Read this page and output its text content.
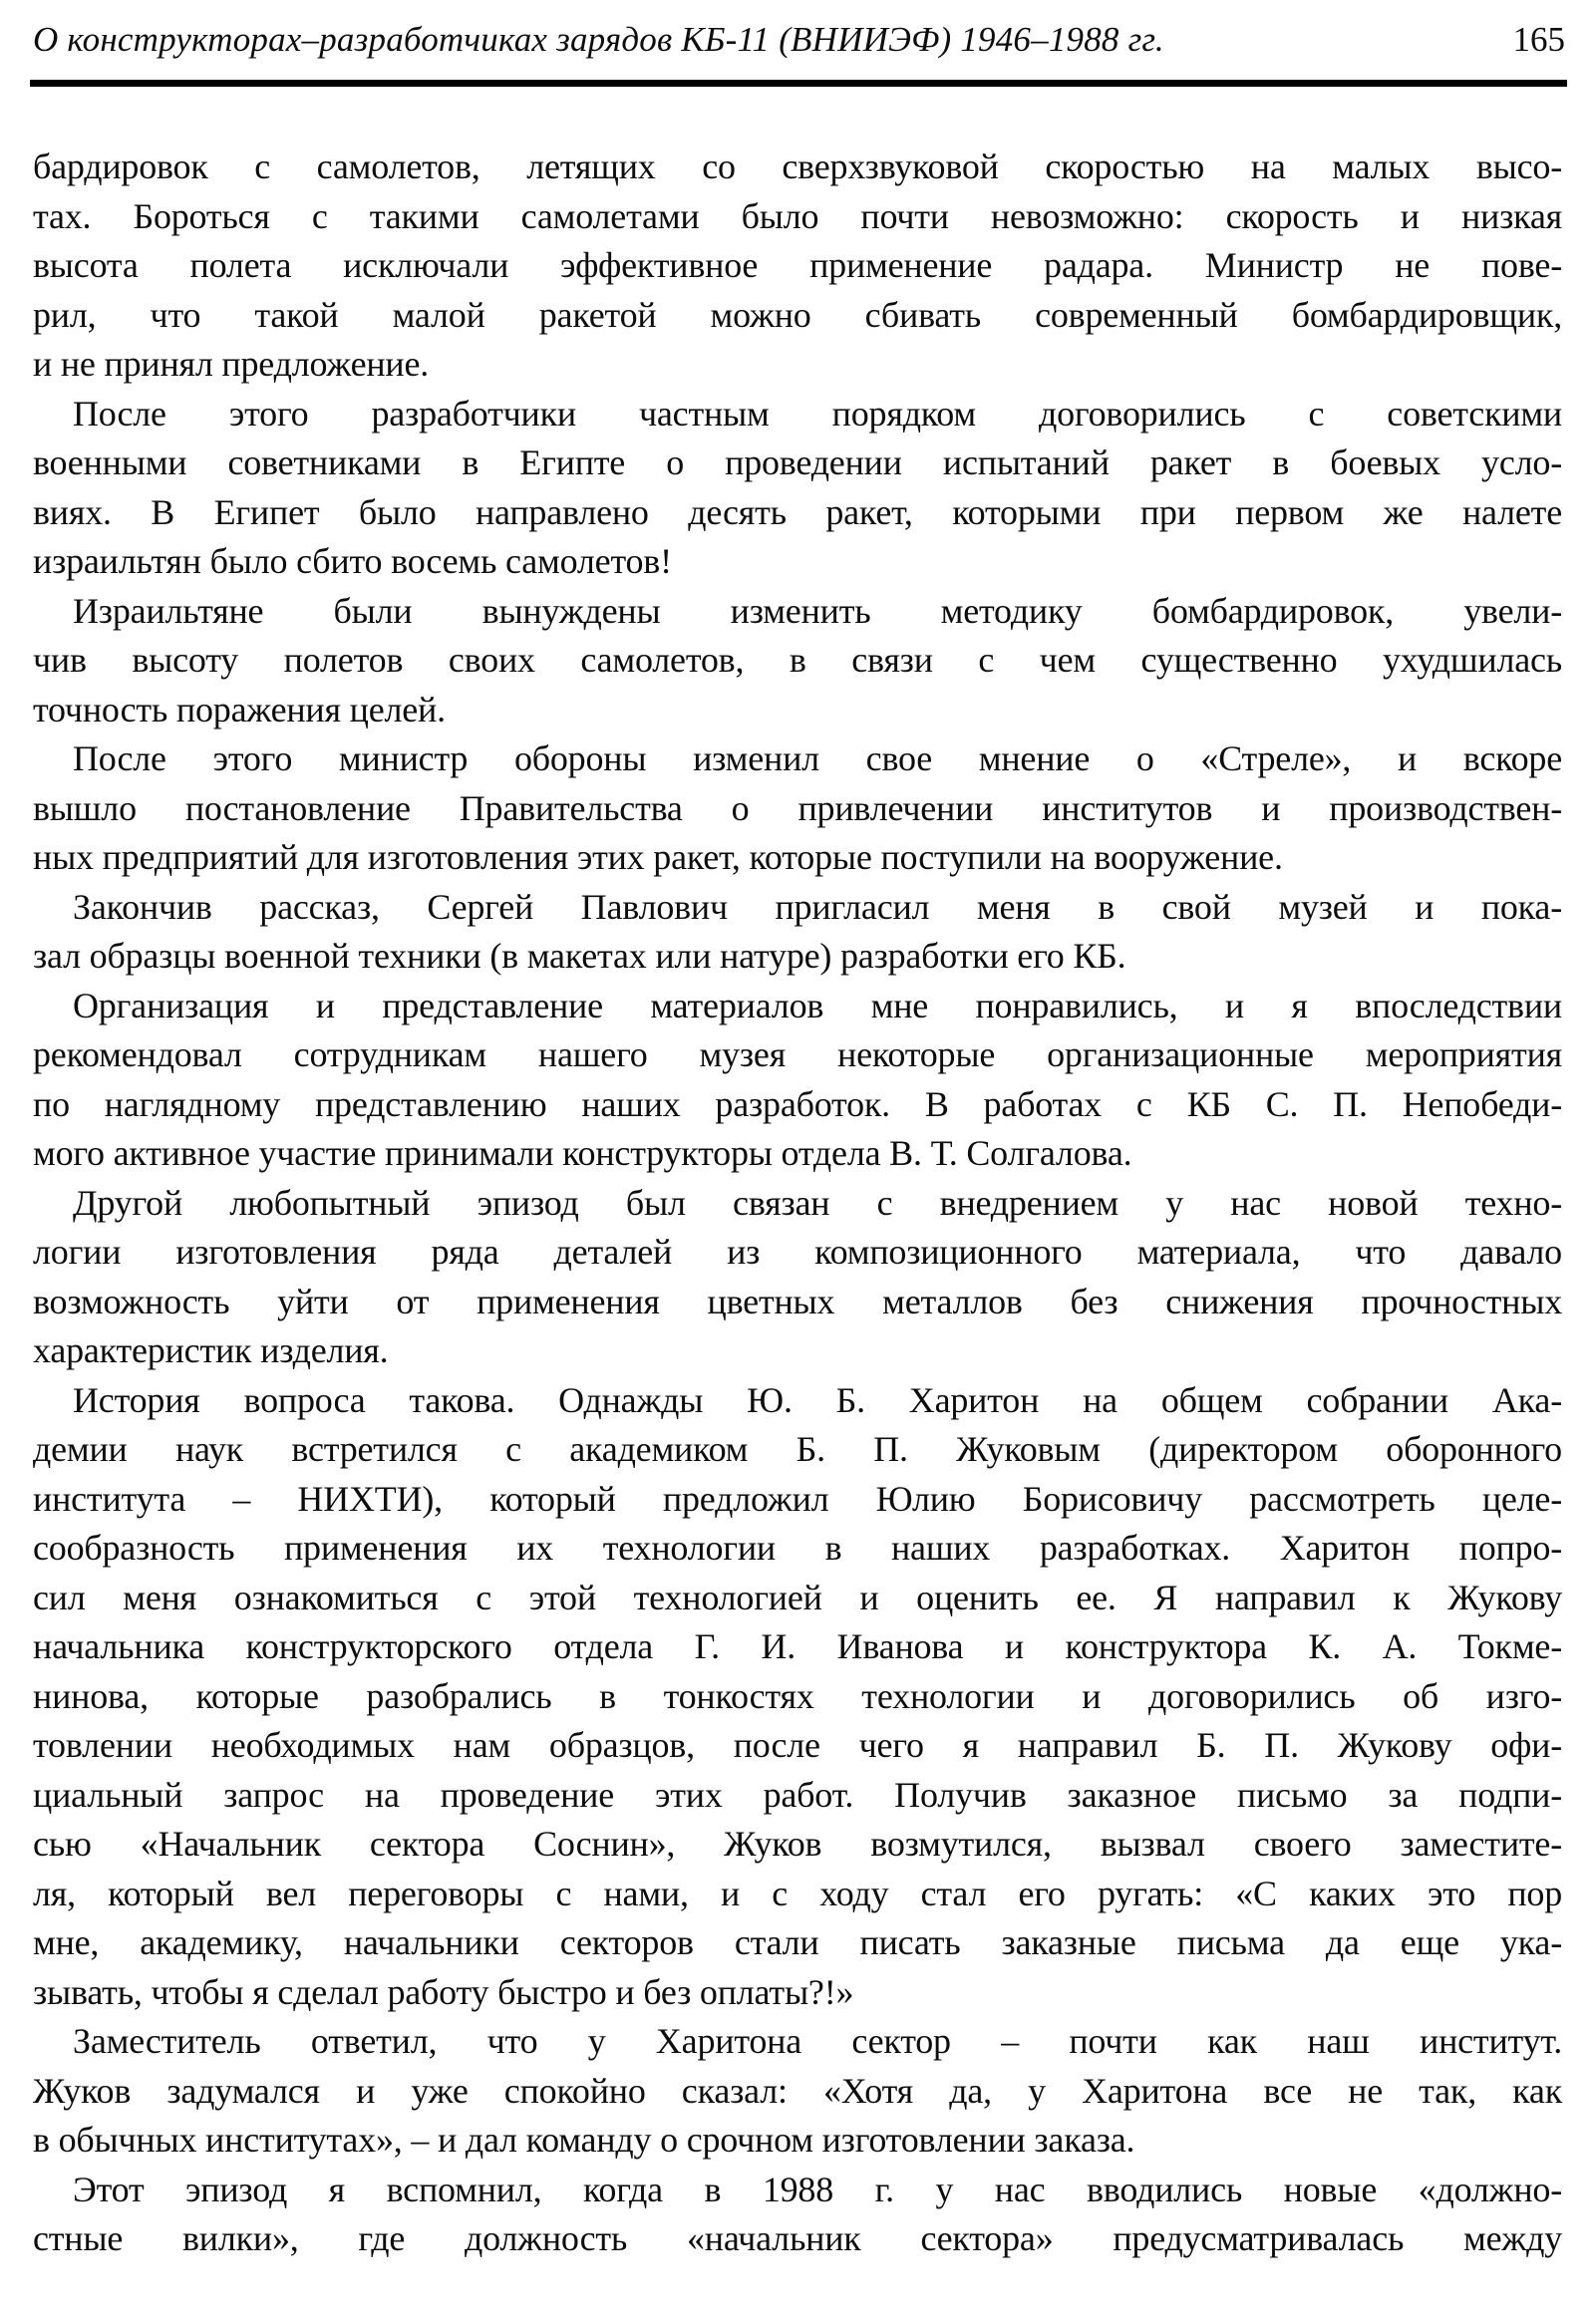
О конструкторах–разработчиках зарядов КБ-11 (ВНИИЭФ) 1946–1988 гг.	165
бардировок с самолетов, летящих со сверхзвуковой скоростью на малых высо-
тах. Бороться с такими самолетами было почти невозможно: скорость и низкая
высота полета исключали эффективное применение радара. Министр не пове-
рил, что такой малой ракетой можно сбивать современный бомбардировщик,
и не принял предложение.
После этого разработчики частным порядком договорились с советскими
военными советниками в Египте о проведении испытаний ракет в боевых усло-
виях. В Египет было направлено десять ракет, которыми при первом же налете
израильтян было сбито восемь самолетов!
Израильтяне были вынуждены изменить методику бомбардировок, увели-
чив высоту полетов своих самолетов, в связи с чем существенно ухудшилась
точность поражения целей.
После этого министр обороны изменил свое мнение о «Стреле», и вскоре
вышло постановление Правительства о привлечении институтов и производствен-
ных предприятий для изготовления этих ракет, которые поступили на вооружение.
Закончив рассказ, Сергей Павлович пригласил меня в свой музей и пока-
зал образцы военной техники (в макетах или натуре) разработки его КБ.
Организация и представление материалов мне понравились, и я впоследствии
рекомендовал сотрудникам нашего музея некоторые организационные мероприятия
по наглядному представлению наших разработок. В работах с КБ С. П. Непобеди-
мого активное участие принимали конструкторы отдела В. Т. Солгалова.
Другой любопытный эпизод был связан с внедрением у нас новой техно-
логии изготовления ряда деталей из композиционного материала, что давало
возможность уйти от применения цветных металлов без снижения прочностных
характеристик изделия.
История вопроса такова. Однажды Ю. Б. Харитон на общем собрании Ака-
демии наук встретился с академиком Б. П. Жуковым (директором оборонного
института – НИХТИ), который предложил Юлию Борисовичу рассмотреть целе-
сообразность применения их технологии в наших разработках. Харитон попро-
сил меня ознакомиться с этой технологией и оценить ее. Я направил к Жукову
начальника конструкторского отдела Г. И. Иванова и конструктора К. А. Токме-
нинова, которые разобрались в тонкостях технологии и договорились об изго-
товлении необходимых нам образцов, после чего я направил Б. П. Жукову офи-
циальный запрос на проведение этих работ. Получив заказное письмо за подпи-
сью «Начальник сектора Соснин», Жуков возмутился, вызвал своего заместите-
ля, который вел переговоры с нами, и с ходу стал его ругать: «С каких это пор
мне, академику, начальники секторов стали писать заказные письма да еще ука-
зывать, чтобы я сделал работу быстро и без оплаты?!»
Заместитель ответил, что у Харитона сектор – почти как наш институт.
Жуков задумался и уже спокойно сказал: «Хотя да, у Харитона все не так, как
в обычных институтах», – и дал команду о срочном изготовлении заказа.
Этот эпизод я вспомнил, когда в 1988 г. у нас вводились новые «должно-
стные вилки», где должность «начальник сектора» предусматривалась между
